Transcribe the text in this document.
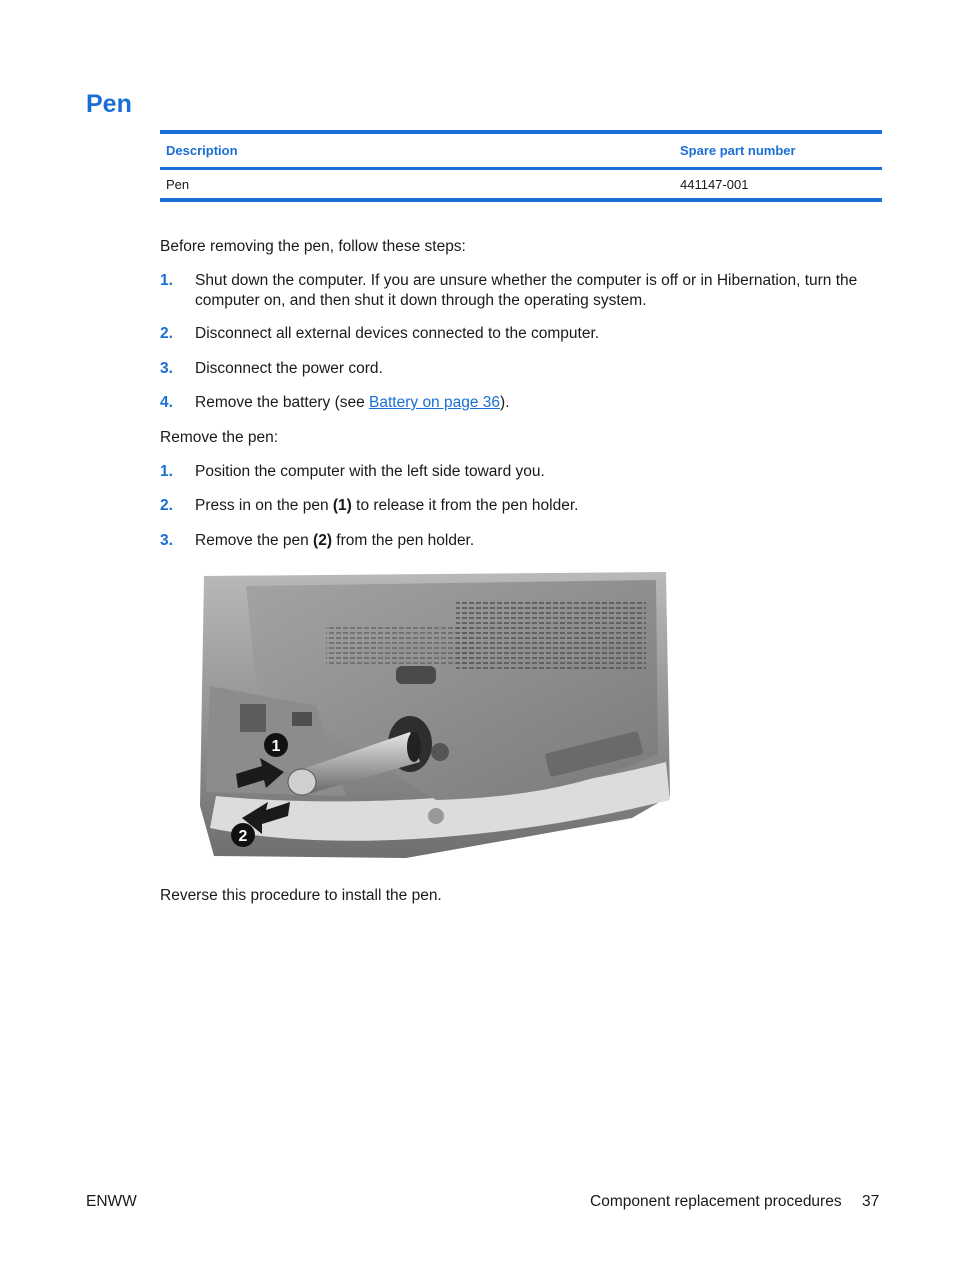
Pen
Description	Spare part number
Pen	441147-001

Before removing the pen, follow these steps:

1. Shut down the computer. If you are unsure whether the computer is off or in Hibernation, turn the computer on, and then shut it down through the operating system.
2. Disconnect all external devices connected to the computer.
3. Disconnect the power cord.
4. Remove the battery (see Battery on page 36).

Remove the pen:

1. Position the computer with the left side toward you.
2. Press in on the pen (1) to release it from the pen holder.
3. Remove the pen (2) from the pen holder.
1
2

Reverse this procedure to install the pen.

ENWW	Component replacement procedures 37
